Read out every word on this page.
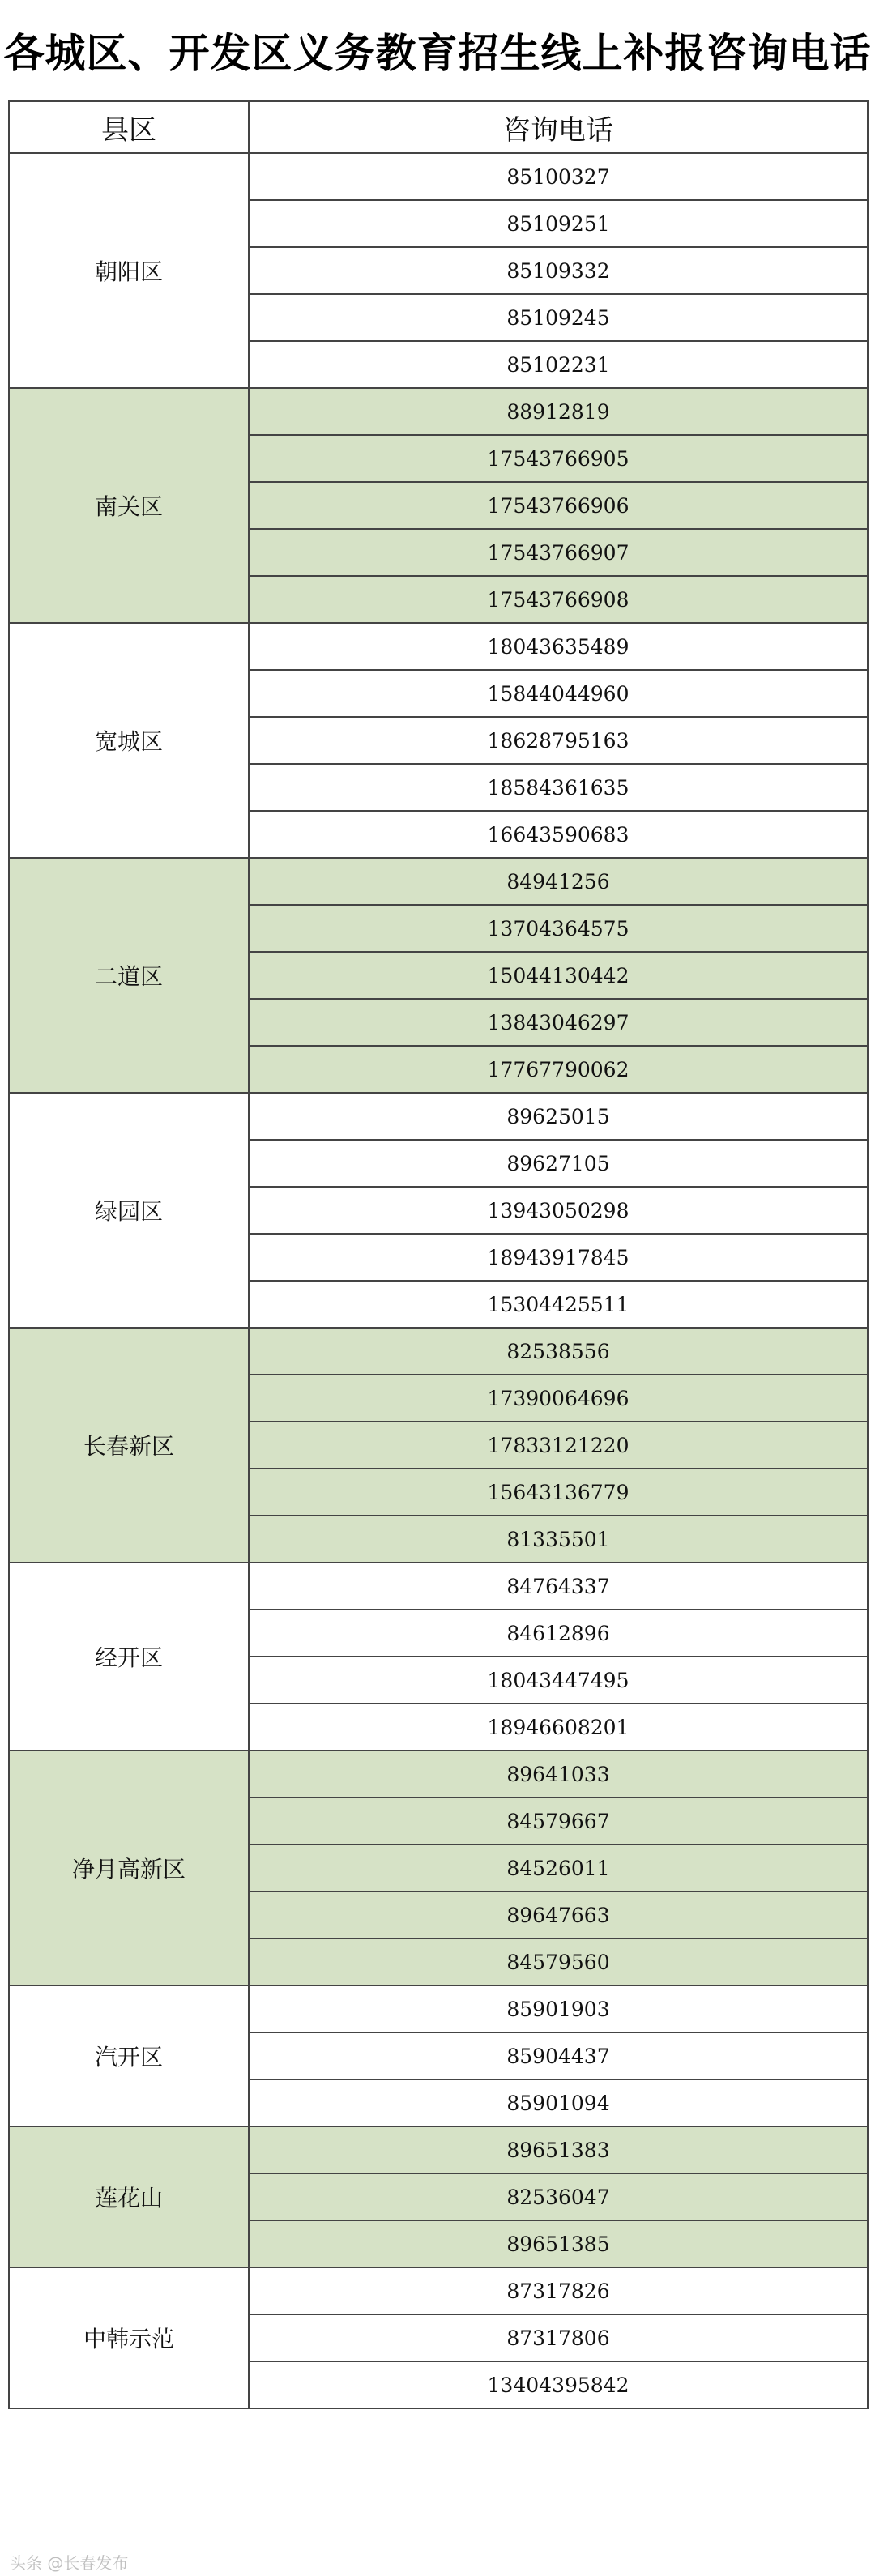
各城区、开发区义务教育招生线上补报咨询电话
县区	咨询电话
朝阳区	85100327
	85109251
	85109332
	85109245
	85102231
南关区	88912819
	17543766905
	17543766906
	17543766907
	17543766908
宽城区	18043635489
	15844044960
	18628795163
	18584361635
	16643590683
二道区	84941256
	13704364575
	15044130442
	13843046297
	17767790062
绿园区	89625015
	89627105
	13943050298
	18943917845
	15304425511
长春新区	82538556
	17390064696
	17833121220
	15643136779
	81335501
经开区	84764337
	84612896
	18043447495
	18946608201
净月高新区	89641033
	84579667
	84526011
	89647663
	84579560
汽开区	85901903
	85904437
	85901094
莲花山	89651383
	82536047
	89651385
中韩示范	87317826
	87317806
	13404395842
头条 @长春发布
